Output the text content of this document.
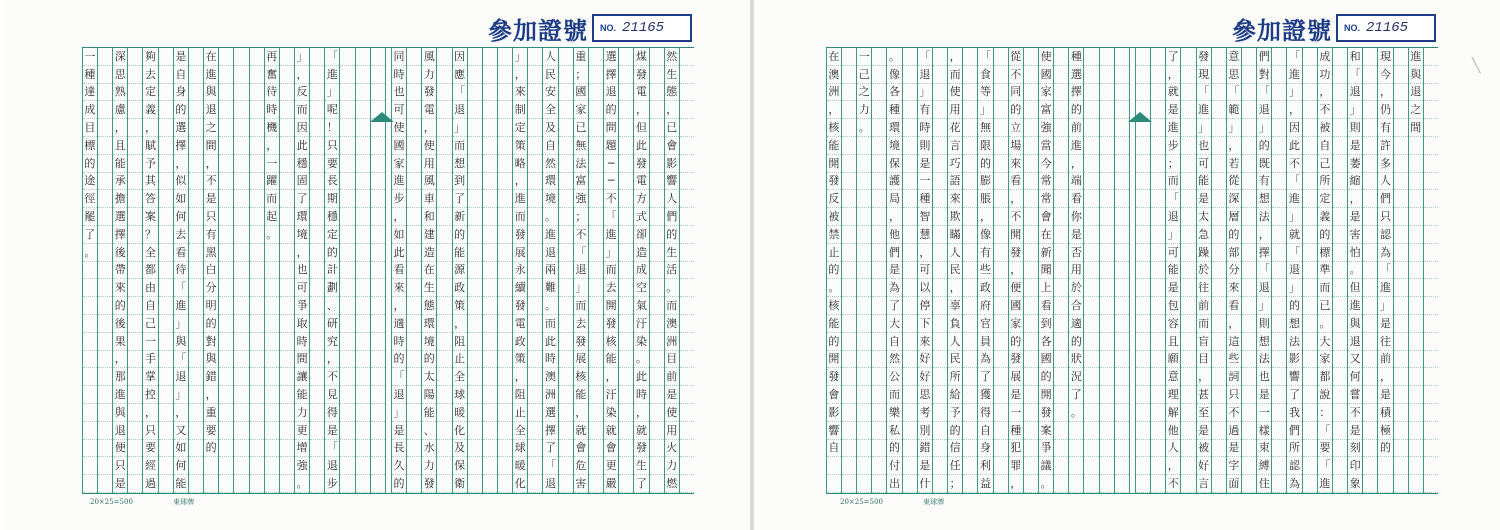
參加證號 NO. 21165
然
生
態
，
已
會
影
響
人
們
的
生
活
。
而
澳
洲
目
前
是
使
用
火
力
燃
煤
發
電
，
但
此
發
電
方
式
卻
造
成
空
氣
汙
染
。
此
時
，
就
發
生
了
選
擇
退
的
問
題
─
─
不
「
進
」
而
去
開
發
核
能
，
汙
染
就
會
更
嚴
重
；
國
家
已
無
法
富
強
；
不
「
退
」
而
去
發
展
核
能
，
就
會
危
害
人
民
安
全
及
自
然
環
境
。
進
退
兩
難
。
而
此
時
澳
洲
選
擇
了
「
退
」
，
來
制
定
策
略
，
進
而
發
展
永
續
發
電
政
策
，
阻
止
全
球
暖
化
因
應
「
退
」
而
想
到
了
新
的
能
源
政
策
，
阻
止
全
球
暖
化
及
保
衛
風
力
發
電
，
使
用
風
車
和
建
造
在
生
態
環
境
的
太
陽
能
、
水
力
發
同
時
也
可
使
國
家
進
步
，
如
此
看
來
，
適
時
的
「
退
」
是
長
久
的
「
進
」
呢
！
只
要
長
期
穩
定
的
計
劃
、
研
究
，
不
見
得
是
「
退
步
」
，
反
而
因
此
穩
固
了
環
境
，
也
可
爭
取
時
間
讓
能
力
更
增
強
。
再
奮
待
時
機
，
一
躍
而
起
。
在
進
與
退
之
間
，
不
是
只
有
黑
白
分
明
的
對
與
錯
，
重
要
的
是
自
身
的
選
擇
，
似
如
何
去
看
待
「
進
」
與
「
退
」
，
又
如
何
能
夠
去
定
義
，
賦
予
其
答
案
？
全
都
由
自
己
一
手
掌
控
，
只
要
經
過
深
思
熟
慮
，
且
能
承
擔
選
擇
後
帶
來
的
後
果
，
那
進
與
退
便
只
是
一
種
達
成
目
標
的
途
徑
罷
了
。
20×25=500	東球牌
參加證號 NO. 21165
進
與
退
之
間
現
今
，
仍
有
許
多
人
們
只
認
為
「
進
」
是
往
前
，
是
積
極
的
和
「
退
」
則
是
萎
縮
，
是
害
怕
。
但
進
與
退
又
何
嘗
不
是
刻
印
象
成
功
，
不
被
自
己
所
定
義
的
標
準
而
已
。
大
家
都
說
：
「
要
「
進
「
進
」
，
因
此
不
「
進
」
就
「
退
」
的
想
法
影
響
了
我
們
所
認
為
們
對
「
退
」
的
既
有
想
法
，
擇
「
退
」
則
想
法
也
是
一
樣
束
縛
住
意
思
「
範
」
，
若
從
深
層
的
部
分
來
看
，
這
些
詞
只
不
過
是
字
面
發
現
「
進
」
也
可
能
是
太
急
躁
於
往
前
而
盲
目
，
甚
至
是
被
好
言
了
，
就
是
進
步
；
而
「
退
」
可
能
是
包
容
且
願
意
理
解
他
人
，
不
種
選
擇
的
前
進
，
端
看
你
是
否
用
於
合
適
的
狀
況
了
。
使
國
家
富
強
當
今
常
常
會
在
新
聞
上
看
到
各
國
的
開
發
案
爭
議
。
從
不
同
的
立
場
來
看
，
不
開
發
，
便
國
家
的
發
展
是
一
種
犯
罪
，
「
食
等
」
無
限
的
膨
脹
，
像
有
些
政
府
官
員
為
了
獲
得
自
身
利
益
，
而
使
用
花
言
巧
語
來
欺
瞞
人
民
，
辜
負
人
民
所
給
予
的
信
任
；
「
退
」
有
時
則
是
一
種
智
慧
，
可
以
停
下
來
好
好
思
考
別
錯
是
什
。
像
各
種
環
境
保
護
局
，
他
們
是
為
了
大
自
然
公
而
樂
私
的
付
出
一
己
之
力
。
在
澳
洲
，
核
能
開
發
反
被
禁
止
的
。
核
能
的
開
發
會
影
響
自
20×25=500	東球牌
╲
